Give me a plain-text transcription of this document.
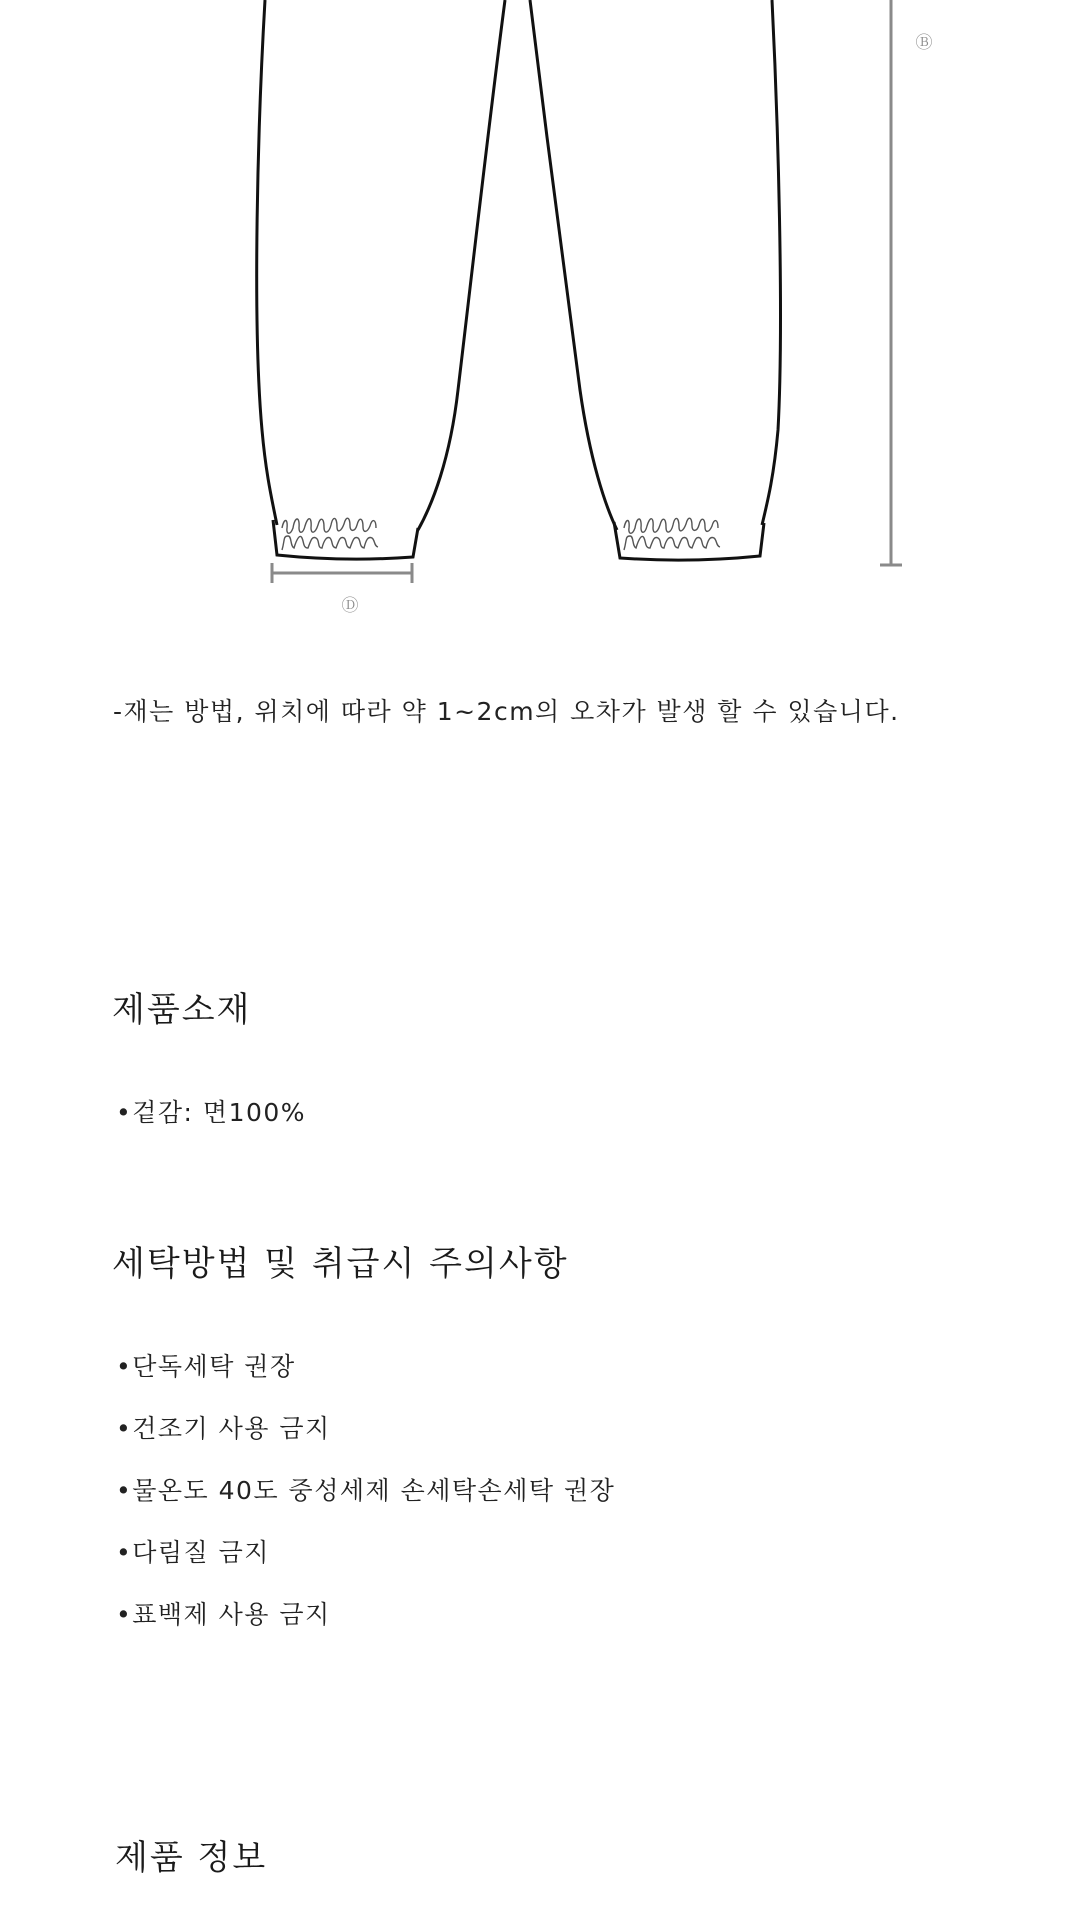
Ⓑ
Ⓓ
-재는 방법, 위치에 따라 약 1~2cm의 오차가 발생 할 수 있습니다.
제품소재
•겉감: 면100%
세탁방법 및 취급시 주의사항
•단독세탁 권장
•건조기 사용 금지
•물온도 40도 중성세제 손세탁손세탁 권장
•다림질 금지
•표백제 사용 금지
제품 정보
